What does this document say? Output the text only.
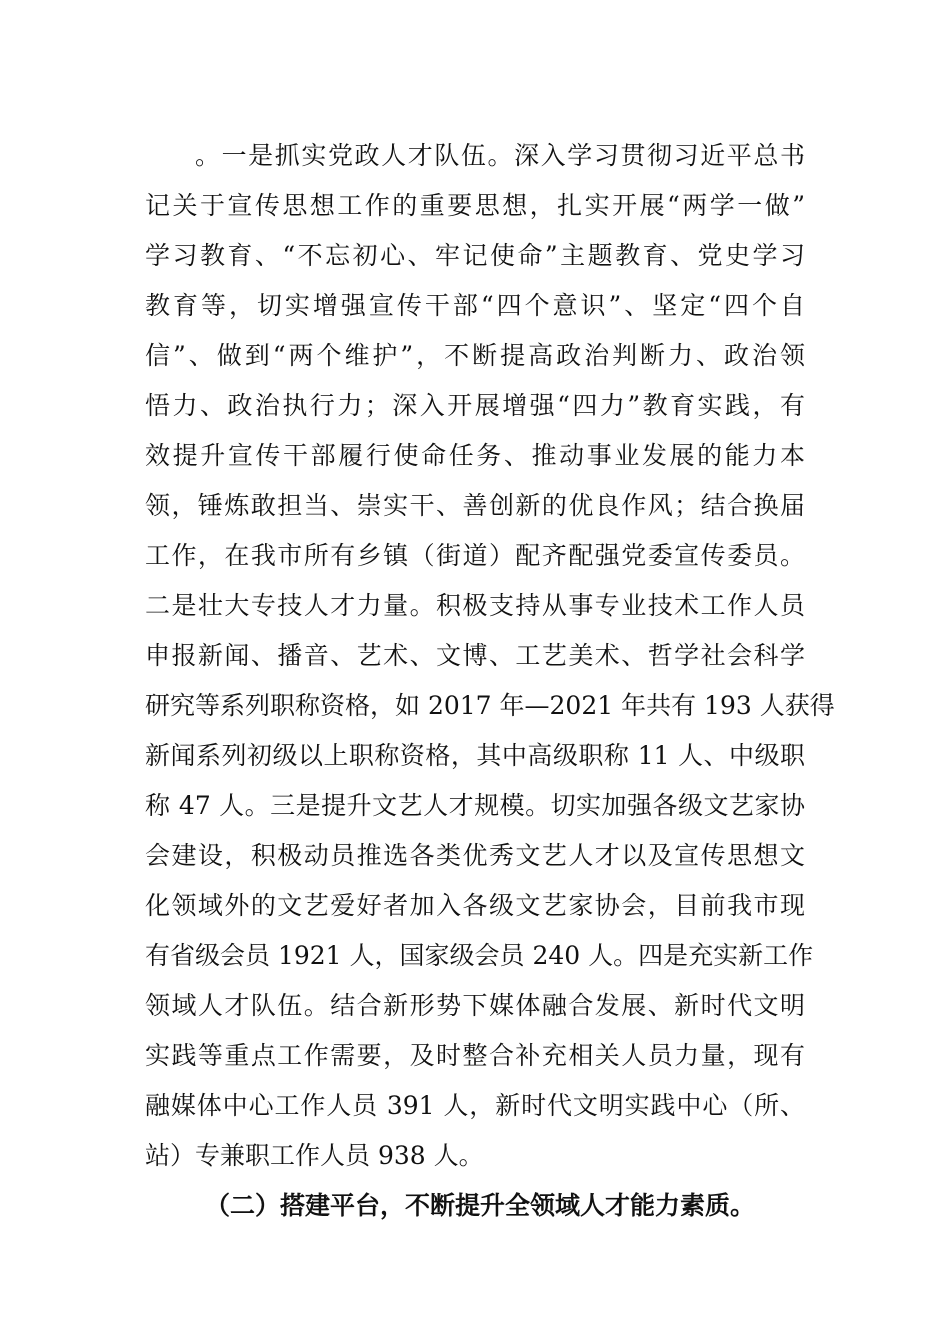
。一是抓实党政人才队伍。深入学习贯彻习近平总书
记关于宣传思想工作的重要思想，扎实开展“两学一做”
学习教育、“不忘初心、牢记使命”主题教育、党史学习
教育等，切实增强宣传干部“四个意识”、坚定“四个自
信”、做到“两个维护”，不断提高政治判断力、政治领
悟力、政治执行力；深入开展增强“四力”教育实践，有
效提升宣传干部履行使命任务、推动事业发展的能力本
领，锤炼敢担当、崇实干、善创新的优良作风；结合换届
工作，在我市所有乡镇（街道）配齐配强党委宣传委员。
二是壮大专技人才力量。积极支持从事专业技术工作人员
申报新闻、播音、艺术、文博、工艺美术、哲学社会科学
研究等系列职称资格，如 2017 年—2021 年共有 193 人获得
新闻系列初级以上职称资格，其中高级职称 11 人、中级职
称 47 人。三是提升文艺人才规模。切实加强各级文艺家协
会建设，积极动员推选各类优秀文艺人才以及宣传思想文
化领域外的文艺爱好者加入各级文艺家协会，目前我市现
有省级会员 1921 人，国家级会员 240 人。四是充实新工作
领域人才队伍。结合新形势下媒体融合发展、新时代文明
实践等重点工作需要，及时整合补充相关人员力量，现有
融媒体中心工作人员 391 人，新时代文明实践中心（所、
站）专兼职工作人员 938 人。
（二）搭建平台，不断提升全领域人才能力素质。
